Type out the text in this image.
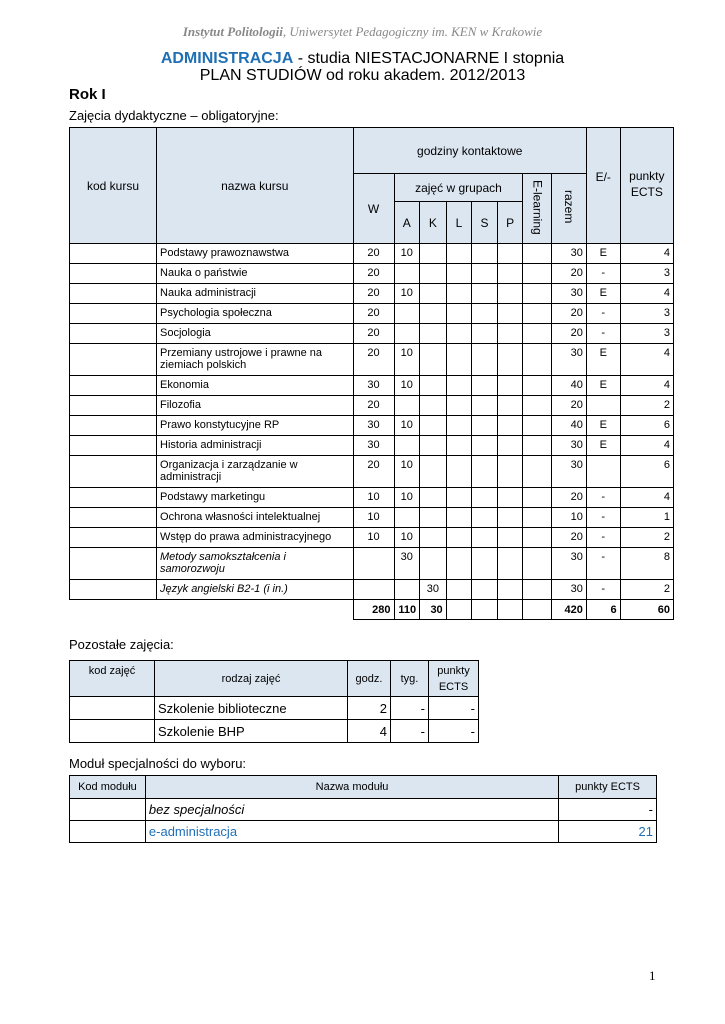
Instytut Politologii, Uniwersytet Pedagogiczny im. KEN w Krakowie
ADMINISTRACJA - studia NIESTACJONARNE I stopnia
PLAN STUDIÓW od roku akadem. 2012/2013
Rok I
Zajęcia dydaktyczne – obligatoryjne:
kod kursu	nazwa kursu	godziny kontaktowe								E/-	punkty ECTS
		W	zajęć w grupach					E-learning	razem		
			A	K	L	S	P				
	Podstawy prawoznawstwa	20	10						30	E	4
	Nauka o państwie	20							20	-	3
	Nauka administracji	20	10						30	E	4
	Psychologia społeczna	20							20	-	3
	Socjologia	20							20	-	3
	Przemiany ustrojowe i prawne na ziemiach polskich	20	10						30	E	4
	Ekonomia	30	10						40	E	4
	Filozofia	20							20		2
	Prawo konstytucyjne RP	30	10						40	E	6
	Historia administracji	30							30	E	4
	Organizacja i zarządzanie w administracji	20	10						30		6
	Podstawy marketingu	10	10						20	-	4
	Ochrona własności intelektualnej	10							10	-	1
	Wstęp do prawa administracyjnego	10	10						20	-	2
	Metody samokształcenia i samorozwoju		30						30	-	8
	Język angielski B2-1 (i in.)			30					30	-	2
		280	110	30					420	6	60
Pozostałe zajęcia:
kod zajęć	rodzaj zajęć	godz.	tyg.	punkty ECTS
	Szkolenie biblioteczne	2	-	-
	Szkolenie BHP	4	-	-
Moduł specjalności do wyboru:
Kod modułu	Nazwa modułu	punkty ECTS
	bez specjalności	-
	e-administracja	21
1
